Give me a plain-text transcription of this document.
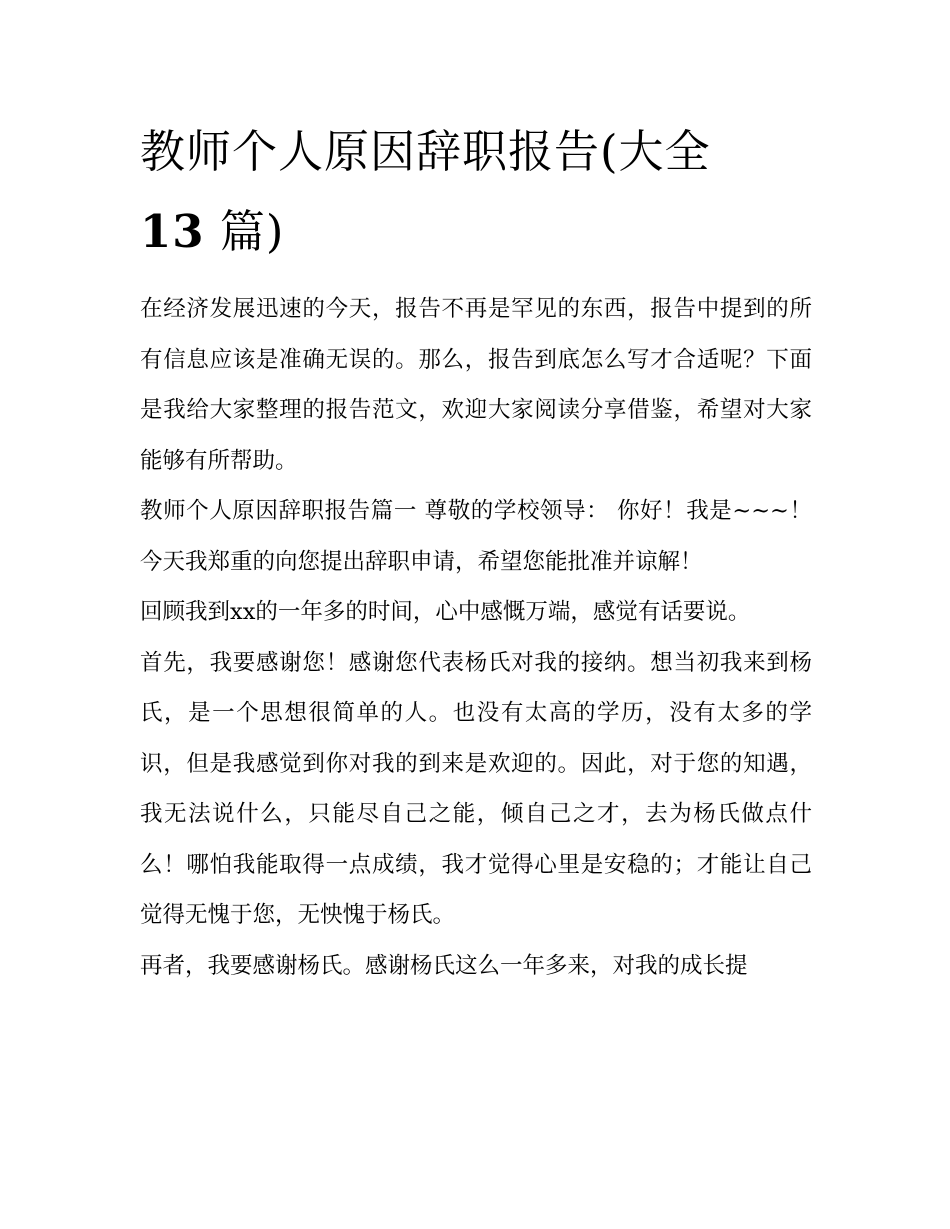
教师个人原因辞职报告(大全
13 篇)

在经济发展迅速的今天，报告不再是罕见的东西，报告中提到的所有信息应该是准确无误的。那么，报告到底怎么写才合适呢？下面是我给大家整理的报告范文，欢迎大家阅读分享借鉴，希望对大家能够有所帮助。

教师个人原因辞职报告篇一 尊敬的学校领导： 你好！我是~~~！今天我郑重的向您提出辞职申请，希望您能批准并谅解！

回顾我到xx的一年多的时间，心中感慨万端，感觉有话要说。

首先，我要感谢您！感谢您代表杨氏对我的接纳。想当初我来到杨氏，是一个思想很简单的人。也没有太高的学历，没有太多的学识，但是我感觉到你对我的到来是欢迎的。因此，对于您的知遇，我无法说什么，只能尽自己之能，倾自己之才，去为杨氏做点什么！哪怕我能取得一点成绩，我才觉得心里是安稳的；才能让自己觉得无愧于您，无怏愧于杨氏。

再者，我要感谢杨氏。感谢杨氏这么一年多来，对我的成长提
